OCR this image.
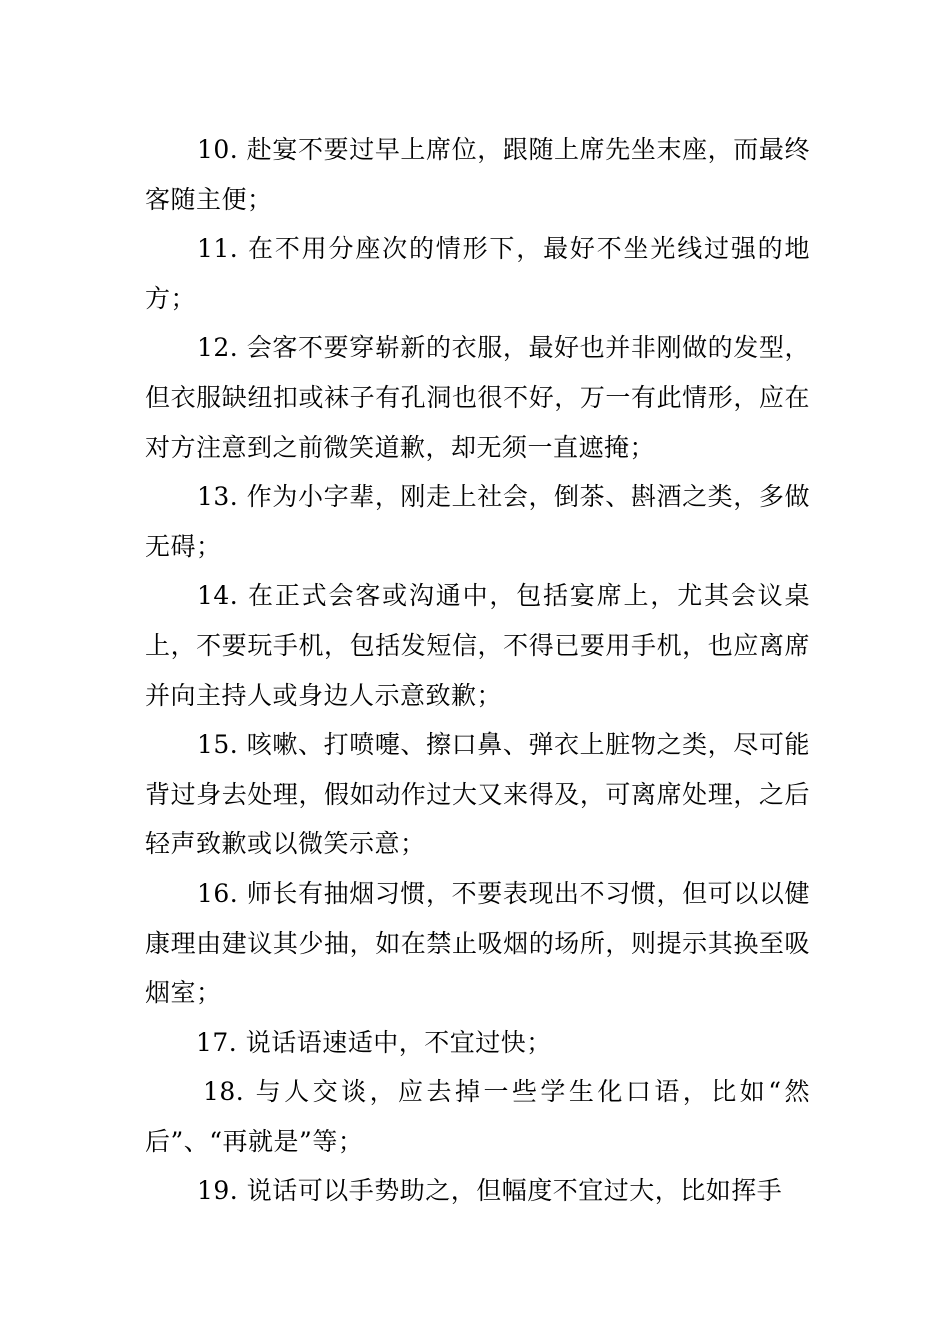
10. 赴宴不要过早上席位，跟随上席先坐末座，而最终客随主便；

11. 在不用分座次的情形下，最好不坐光线过强的地方；

12. 会客不要穿崭新的衣服，最好也并非刚做的发型，但衣服缺纽扣或袜子有孔洞也很不好，万一有此情形，应在对方注意到之前微笑道歉，却无须一直遮掩；

13. 作为小字辈，刚走上社会，倒茶、斟酒之类，多做无碍；

14. 在正式会客或沟通中，包括宴席上，尤其会议桌上，不要玩手机，包括发短信，不得已要用手机，也应离席并向主持人或身边人示意致歉；

15. 咳嗽、打喷嚏、擦口鼻、弹衣上脏物之类，尽可能背过身去处理，假如动作过大又来得及，可离席处理，之后轻声致歉或以微笑示意；

16. 师长有抽烟习惯，不要表现出不习惯，但可以以健康理由建议其少抽，如在禁止吸烟的场所，则提示其换至吸烟室；

17. 说话语速适中，不宜过快；

18. 与人交谈，应去掉一些学生化口语，比如“然后”、“再就是”等；

19. 说话可以手势助之，但幅度不宜过大，比如挥手
